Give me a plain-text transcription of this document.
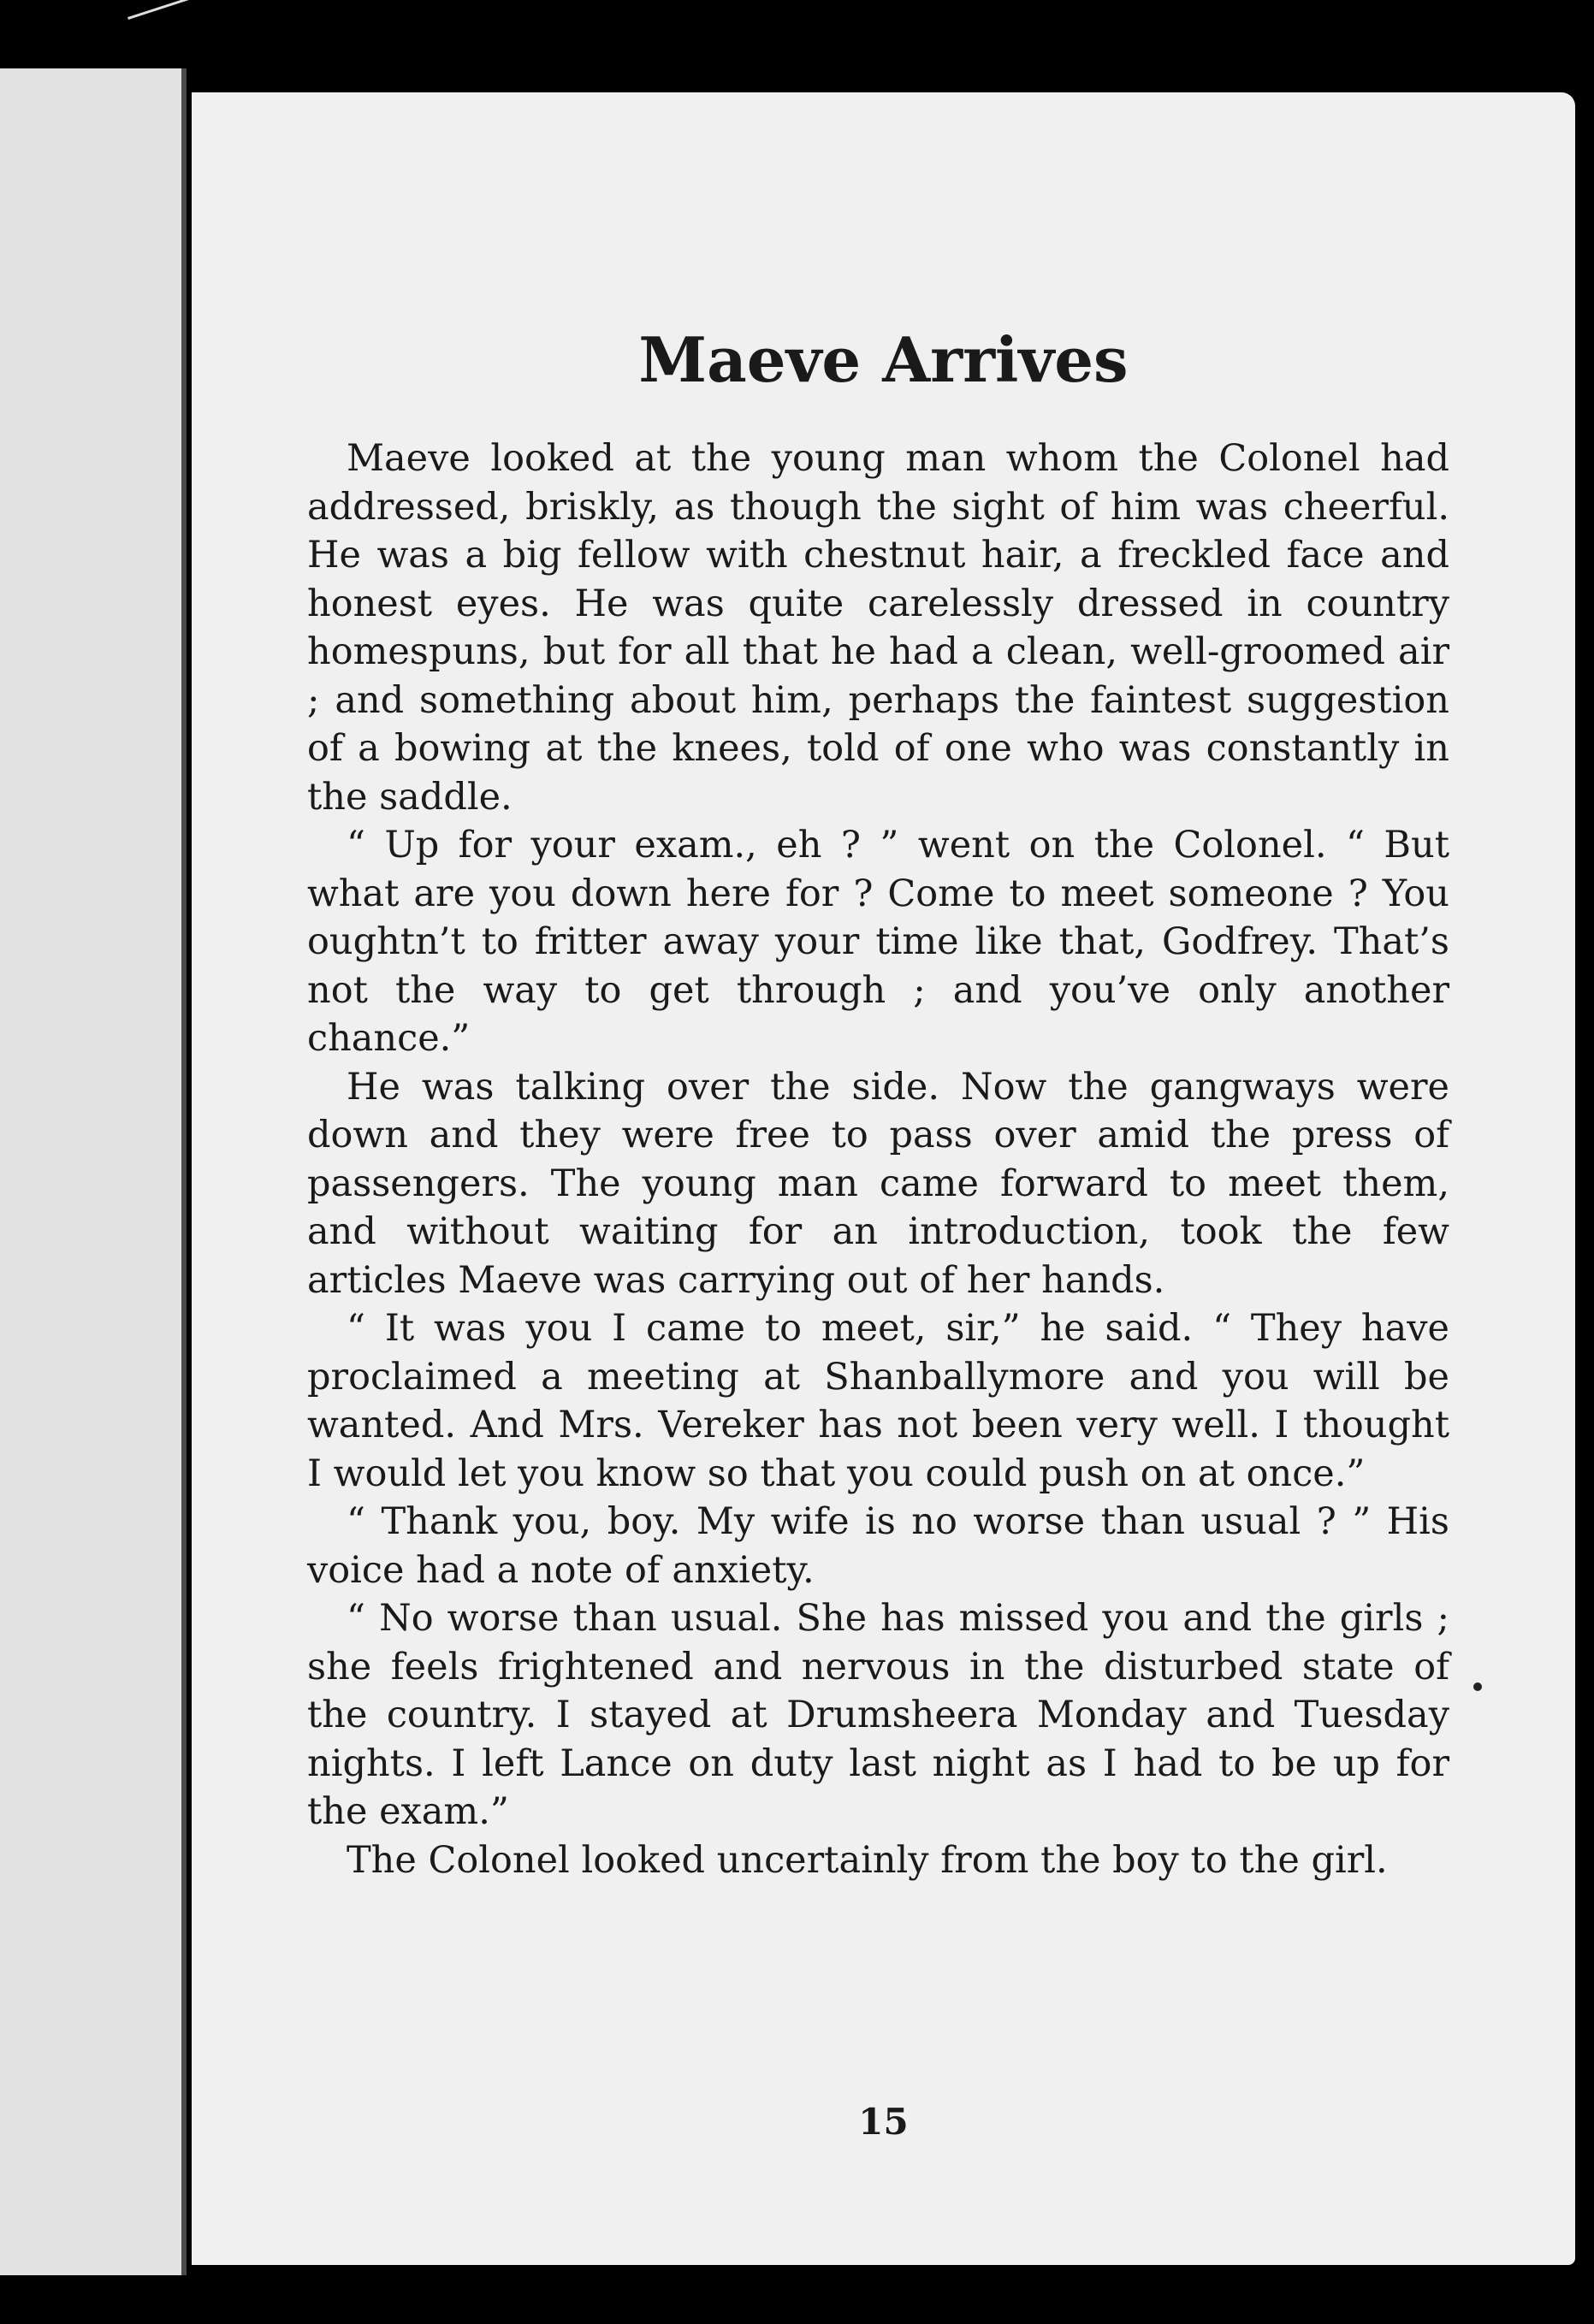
Maeve Arrives

Maeve looked at the young man whom the Colonel had addressed, briskly, as though the sight of him was cheerful. He was a big fellow with chestnut hair, a freckled face and honest eyes. He was quite carelessly dressed in country homespuns, but for all that he had a clean, well-groomed air ; and something about him, perhaps the faintest suggestion of a bowing at the knees, told of one who was constantly in the saddle.

“ Up for your exam., eh ? ” went on the Colonel. “ But what are you down here for ? Come to meet someone ? You oughtn’t to fritter away your time like that, Godfrey. That’s not the way to get through ; and you’ve only another chance.”

He was talking over the side. Now the gangways were down and they were free to pass over amid the press of passengers. The young man came forward to meet them, and without waiting for an introduction, took the few articles Maeve was carrying out of her hands.

“ It was you I came to meet, sir,” he said. “ They have proclaimed a meeting at Shanballymore and you will be wanted. And Mrs. Vereker has not been very well. I thought I would let you know so that you could push on at once.”

“ Thank you, boy. My wife is no worse than usual ? ” His voice had a note of anxiety.

“ No worse than usual. She has missed you and the girls ; she feels frightened and nervous in the disturbed state of the country. I stayed at Drumsheera Monday and Tuesday nights. I left Lance on duty last night as I had to be up for the exam.”

The Colonel looked uncertainly from the boy to the girl.

15
